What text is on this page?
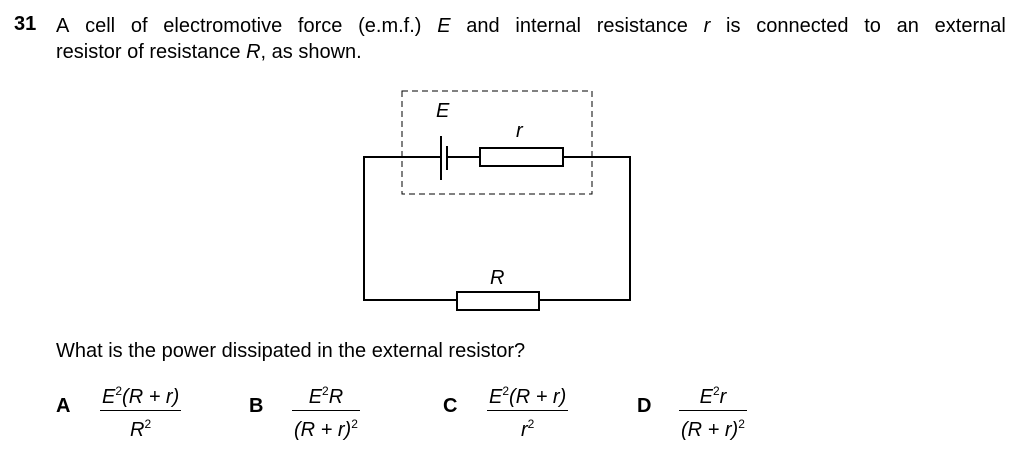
31 A cell of electromotive force (e.m.f.) E and internal resistance r is connected to an external
resistor of resistance R, as shown.
E
r
R
What is the power dissipated in the external resistor?
A $E^2(R + r)$
$R^2$
B $E^2R$
$(R + r)^2$
C $E^2(R + r)$
$r^2$
D $E^2r$
$(R + r)^2$
